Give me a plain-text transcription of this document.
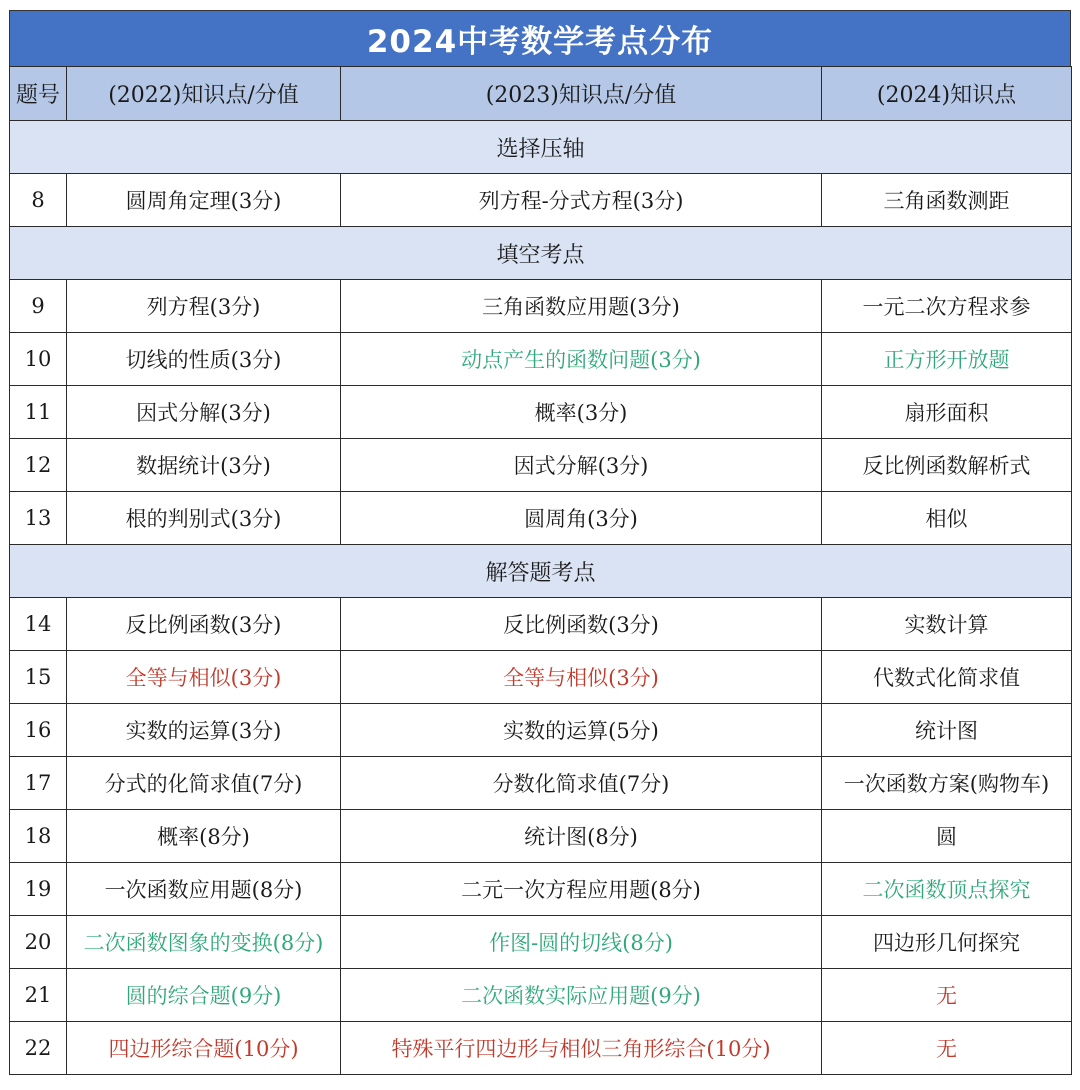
2024中考数学考点分布
题号	(2022)知识点/分值	(2023)知识点/分值	(2024)知识点
选择压轴			
8	圆周角定理(3分)	列方程-分式方程(3分)	三角函数测距
填空考点			
9	列方程(3分)	三角函数应用题(3分)	一元二次方程求参
10	切线的性质(3分)	动点产生的函数问题(3分)	正方形开放题
11	因式分解(3分)	概率(3分)	扇形面积
12	数据统计(3分)	因式分解(3分)	反比例函数解析式
13	根的判别式(3分)	圆周角(3分)	相似
解答题考点			
14	反比例函数(3分)	反比例函数(3分)	实数计算
15	全等与相似(3分)	全等与相似(3分)	代数式化简求值
16	实数的运算(3分)	实数的运算(5分)	统计图
17	分式的化简求值(7分)	分数化简求值(7分)	一次函数方案(购物车)
18	概率(8分)	统计图(8分)	圆
19	一次函数应用题(8分)	二元一次方程应用题(8分)	二次函数顶点探究
20	二次函数图象的变换(8分)	作图-圆的切线(8分)	四边形几何探究
21	圆的综合题(9分)	二次函数实际应用题(9分)	无
22	四边形综合题(10分)	特殊平行四边形与相似三角形综合(10分)	无
